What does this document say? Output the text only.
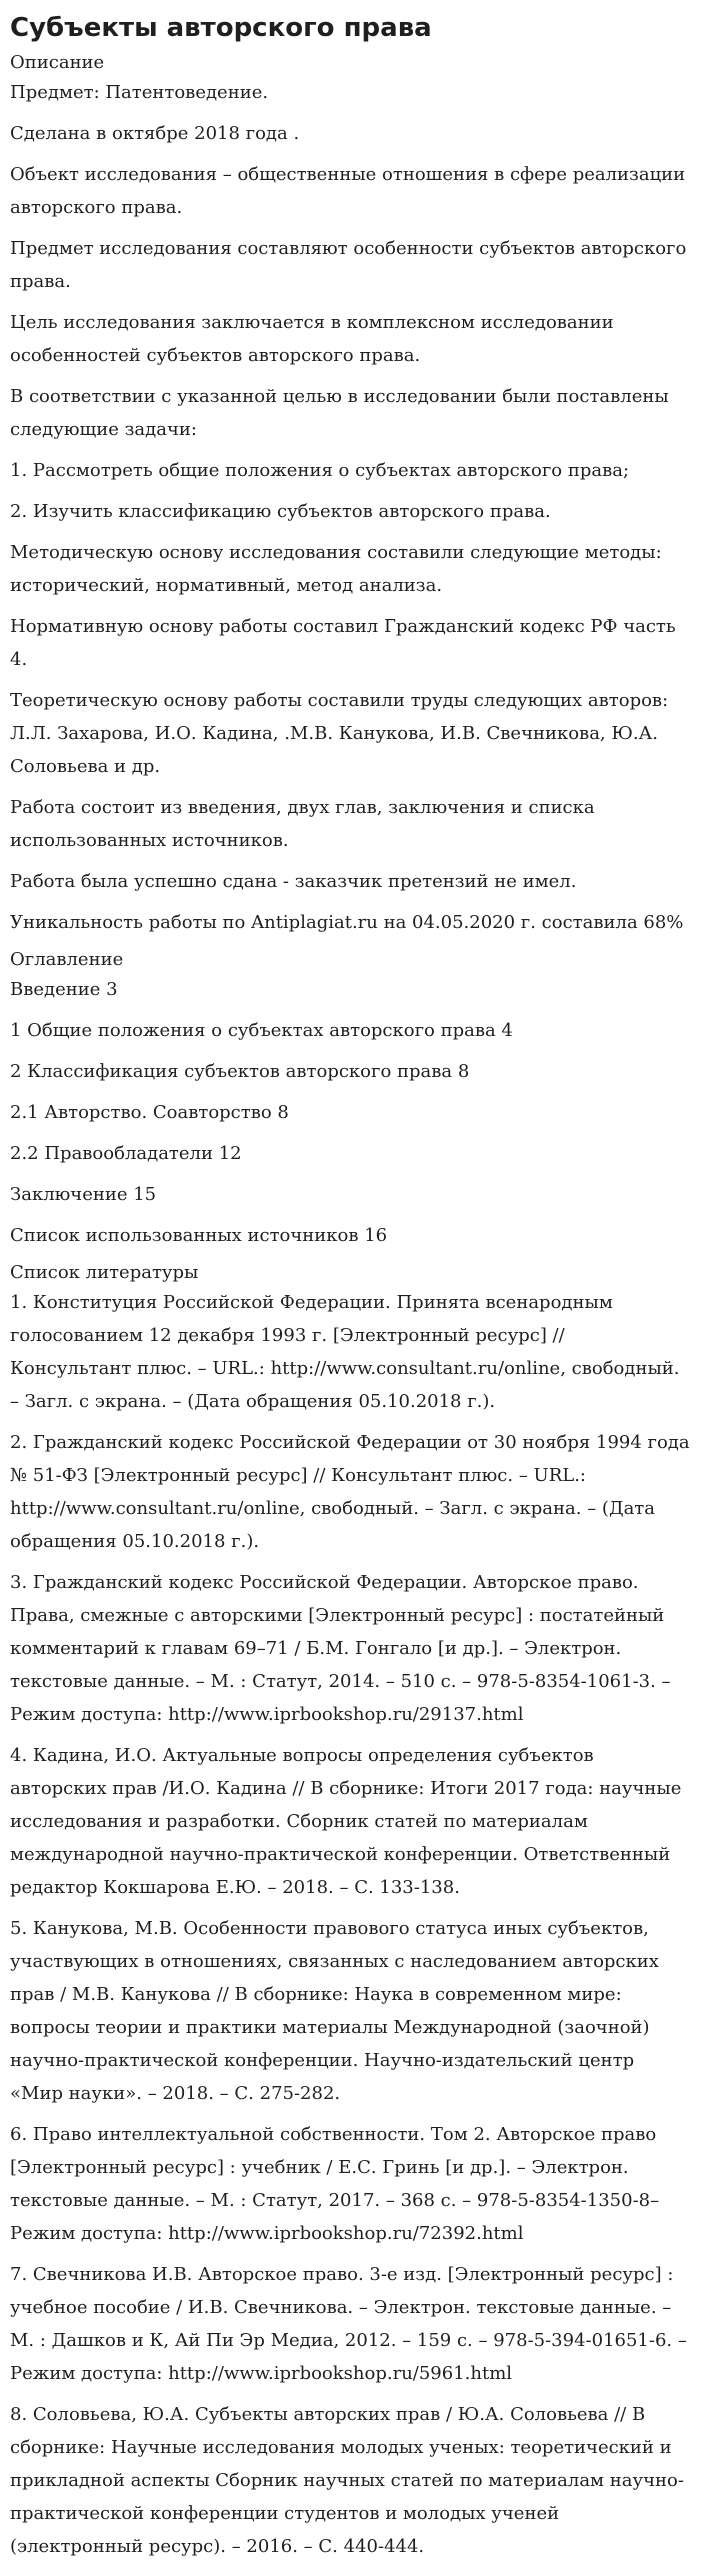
Субъекты авторского права
Описание

Предмет: Патентоведение.

Сделана в октябре 2018 года .

Объект исследования – общественные отношения в сфере реализации авторского права.

Предмет исследования составляют особенности субъектов авторского права.

Цель исследования заключается в комплексном исследовании особенностей субъектов авторского права.

В соответствии с указанной целью в исследовании были поставлены следующие задачи:

1. Рассмотреть общие положения о субъектах авторского права;

2. Изучить классификацию субъектов авторского права.

Методическую основу исследования составили следующие методы: исторический, нормативный, метод анализа.

Нормативную основу работы составил Гражданский кодекс РФ часть 4.

Теоретическую основу работы составили труды следующих авторов: Л.Л. Захарова, И.О. Кадина, .М.В. Канукова, И.В. Свечникова, Ю.А. Соловьева и др.

Работа состоит из введения, двух глав, заключения и списка использованных источников.

Работа была успешно сдана - заказчик претензий не имел.

Уникальность работы по Antiplagiat.ru на 04.05.2020 г. составила 68%

Оглавление

Введение 3

1 Общие положения о субъектах авторского права 4

2 Классификация субъектов авторского права 8

2.1 Авторство. Соавторство 8

2.2 Правообладатели 12

Заключение 15

Список использованных источников 16

Список литературы

1. Конституция Российской Федерации. Принята всенародным голосованием 12 декабря 1993 г. [Электронный ресурс] // Консультант плюс. – URL.: http://www.consultant.ru/online, свободный. – Загл. с экрана. – (Дата обращения 05.10.2018 г.).

2. Гражданский кодекс Российской Федерации от 30 ноября 1994 года № 51-ФЗ [Электронный ресурс] // Консультант плюс. – URL.: http://www.consultant.ru/online, свободный. – Загл. с экрана. – (Дата обращения 05.10.2018 г.).

3. Гражданский кодекс Российской Федерации. Авторское право. Права, смежные с авторскими [Электронный ресурс] : постатейный комментарий к главам 69–71 / Б.М. Гонгало [и др.]. – Электрон. текстовые данные. – М. : Статут, 2014. – 510 c. – 978-5-8354-1061-3. – Режим доступа: http://www.iprbookshop.ru/29137.html

4. Кадина, И.О. Актуальные вопросы определения субъектов авторских прав /И.О. Кадина // В сборнике: Итоги 2017 года: научные исследования и разработки. Сборник статей по материалам международной научно-практической конференции. Ответственный редактор Кокшарова Е.Ю. – 2018. – С. 133-138.

5. Канукова, М.В. Особенности правового статуса иных субъектов, участвующих в отношениях, связанных с наследованием авторских прав / М.В. Канукова // В сборнике: Наука в современном мире: вопросы теории и практики материалы Международной (заочной) научно-практической конференции. Научно-издательский центр «Мир науки». – 2018. – С. 275-282.

6. Право интеллектуальной собственности. Том 2. Авторское право [Электронный ресурс] : учебник / Е.С. Гринь [и др.]. – Электрон. текстовые данные. – М. : Статут, 2017. – 368 c. – 978-5-8354-1350-8– Режим доступа: http://www.iprbookshop.ru/72392.html

7. Свечникова И.В. Авторское право. 3-е изд. [Электронный ресурс] : учебное пособие / И.В. Свечникова. – Электрон. текстовые данные. – М. : Дашков и К, Ай Пи Эр Медиа, 2012. – 159 c. – 978-5-394-01651-6. – Режим доступа: http://www.iprbookshop.ru/5961.html

8. Соловьева, Ю.А. Субъекты авторских прав / Ю.А. Соловьева // В сборнике: Научные исследования молодых ученых: теоретический и прикладной аспекты Сборник научных статей по материалам научно-практической конференции студентов и молодых ученей (электронный ресурс). – 2016. – С. 440-444.
